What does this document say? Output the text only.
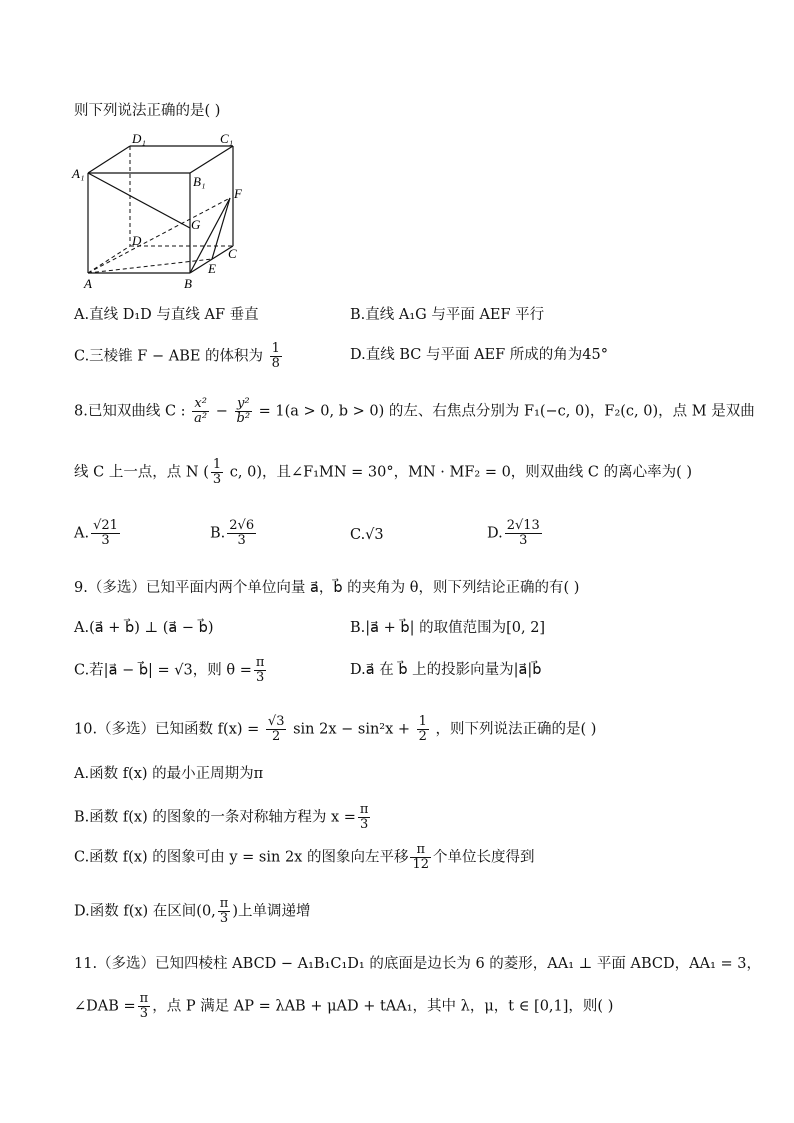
则下列说法正确的是( )
A₁
D₁	C₁
B₁
F
G
D
C
E
A	B
A.直线 D₁D 与直线 AF 垂直	B.直线 A₁G 与平面 AEF 平行
C.三棱锥 F − ABE 的体积为 $\frac{1}{8}$	D.直线 BC 与平面 AEF 所成的角为45°
8.已知双曲线 C : $\frac{\text{x²}}{\text{a²}} - \frac{\text{y²}}{\text{b²}} = 1(a > 0$, b > 0) 的左、右焦点分别为 F₁(−c, 0)，F₂(c, 0)，点 M 是双曲
线 C 上一点，点 N ( $\frac{1}{3} c$, 0)，且∠F₁MN = 30°，MN · MF₂ = 0，则双曲线 C 的离心率为( )
A. $\frac{√21}{3}$	B. $\frac{2√6}{3}$	C.√3	D. $\frac{2√13}{3}$
9.（多选）已知平面内两个单位向量 a⃗，b⃗ 的夹角为 θ，则下列结论正确的有( )
A.(a⃗ + b⃗) ⊥ (a⃗ − b⃗)	B.|a⃗ + b⃗| 的取值范围为[0, 2]
C.若|a⃗ − b⃗| = √3，则 $\theta = \frac{\pi}{3}$	D.a⃗ 在 b⃗ 上的投影向量为|a⃗|b⃗
10.（多选）已知函数 $f(x) = \frac{√3}{2}$ $\sin 2x - \sin^2x + \frac{1}{2}$ ，则下列说法正确的是( )
A.函数 f(x) 的最小正周期为π
B.函数 f(x) 的图象的一条对称轴方程为 $x = \frac{\pi}{3}$
C.函数 f(x) 的图象可由 y = sin 2x 的图象向左平移 $\frac{\pi}{12}$ 个单位长度得到
D.函数 f(x) 在区间(0, $\frac{\pi}{3}$ )上单调递增
11.（多选）已知四棱柱 ABCD − A₁B₁C₁D₁ 的底面是边长为 6 的菱形，AA₁ ⊥ 平面 ABCD，AA₁ = 3，
∠DAB = $\frac{\pi}{3}$ ，点 P 满足 AP = λAB + μAD + tAA₁，其中 λ，μ，t ∈ [0,1]，则( )
